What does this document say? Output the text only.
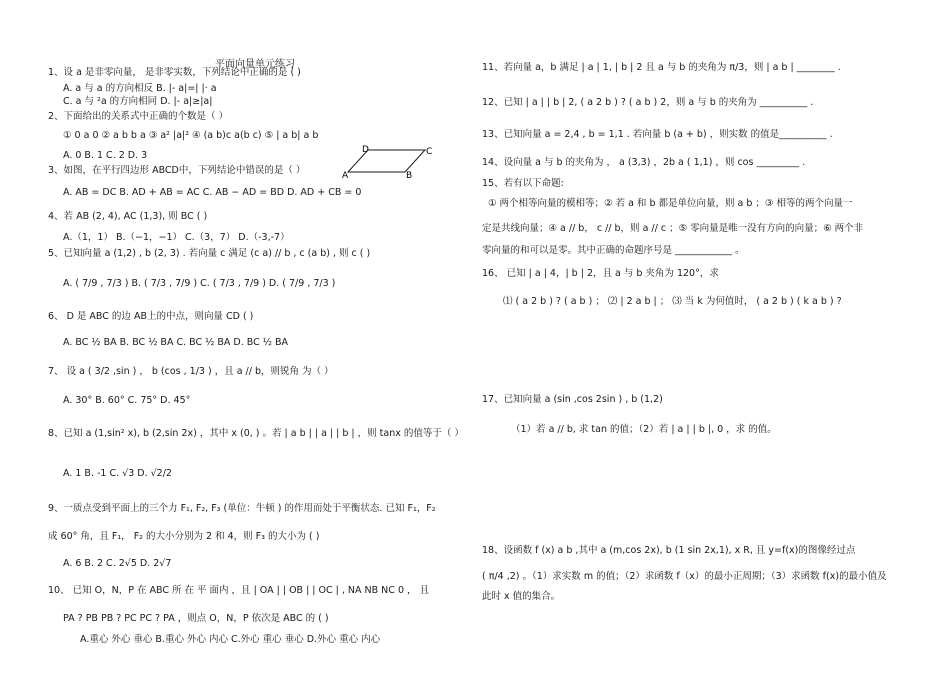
平面向量单元练习
1、设 a 是非零向量， 是非零实数，下列结论中正确的是 ( )
A. a 与 a 的方向相反 B. |- a|=| |· a
C. a 与 ²a 的方向相同 D. |- a|≥|a|
2、下面给出的关系式中正确的个数是（ ）
① 0 a 0 ② a b b a ③ a² |a|² ④ (a b)c a(b c) ⑤ | a b| a b
A. 0 B. 1 C. 2 D. 3
3、如图，在平行四边形 ABCD中，下列结论中错误的是（ ）
A. AB = DC B. AD + AB = AC C. AB − AD = BD D. AD + CB = 0
4、若 AB (2, 4), AC (1,3), 则 BC ( )
A.（1，1） B.（−1，−1） C.（3，7） D.（-3,-7）
5、已知向量 a (1,2) , b (2, 3) . 若向量 c 满足 (c a) // b , c (a b) , 则 c ( )
A. ( 7/9 , 7/3 ) B. ( 7/3 , 7/9 ) C. ( 7/3 , 7/9 ) D. ( 7/9 , 7/3 )
6、 D 是 ABC 的边 AB上的中点，则向量 CD ( )
A. BC ½ BA B. BC ½ BA C. BC ½ BA D. BC ½ BA
7、 设 a ( 3/2 ,sin ) ， b (cos , 1/3 ) ，且 a // b，则锐角 为（ ）
A. 30° B. 60° C. 75° D. 45°
8、已知 a (1,sin² x), b (2,sin 2x) ，其中 x (0, ) 。若 | a b | | a | | b | ，则 tanx 的值等于（ ）
A. 1 B. -1 C. √3 D. √2/2
9、一质点受到平面上的三个力 F₁, F₂, F₃ (单位：牛顿 ) 的作用而处于平衡状态. 已知 F₁，F₂
成 60° 角，且 F₁， F₂ 的大小分别为 2 和 4，则 F₃ 的大小为 ( )
A. 6 B. 2 C. 2√5 D. 2√7
10、 已知 O，N，P 在 ABC 所 在 平 面内 ，且 | OA | | OB | | OC | , NA NB NC 0 ， 且
PA ? PB PB ? PC PC ? PA ，则点 O，N，P 依次是 ABC 的 ( )
A.重心 外心 垂心 B.重心 外心 内心 C.外心 重心 垂心 D.外心 重心 内心
D	C
A	B
11、若向量 a，b 满足 | a | 1, | b | 2 且 a 与 b 的夹角为 π/3，则 | a b | ________ .
12、已知 | a | | b | 2, ( a 2 b ) ? ( a b ) 2，则 a 与 b 的夹角为 __________ .
13、已知向量 a = 2,4 , b = 1,1 . 若向量 b (a + b) ，则实数 的值是__________ .
14、设向量 a 与 b 的夹角为 ， a (3,3) ，2b a ( 1,1) ，则 cos _________ .
15、若有以下命题:
① 两个相等向量的模相等；② 若 a 和 b 都是单位向量，则 a b ；③ 相等的两个向量一
定是共线向量；④ a // b， c // b，则 a // c ；⑤ 零向量是唯一没有方向的向量；⑥ 两个非
零向量的和可以是零。其中正确的命题序号是 ____________ 。
16、 已知 | a | 4，| b | 2，且 a 与 b 夹角为 120°，求
⑴ ( a 2 b ) ? ( a b ) ； ⑵ | 2 a b | ； ⑶ 当 k 为何值时， ( a 2 b ) ( k a b ) ?
17、已知向量 a (sin ,cos 2sin ) , b (1,2)
（1）若 a // b, 求 tan 的值；（2）若 | a | | b |, 0 ，求 的值。
18、设函数 f (x) a b ,其中 a (m,cos 2x), b (1 sin 2x,1), x R, 且 y=f(x)的图像经过点
( π/4 ,2) 。（1）求实数 m 的值；（2）求函数 f（x）的最小正周期；（3）求函数 f(x)的最小值及
此时 x 值的集合。
